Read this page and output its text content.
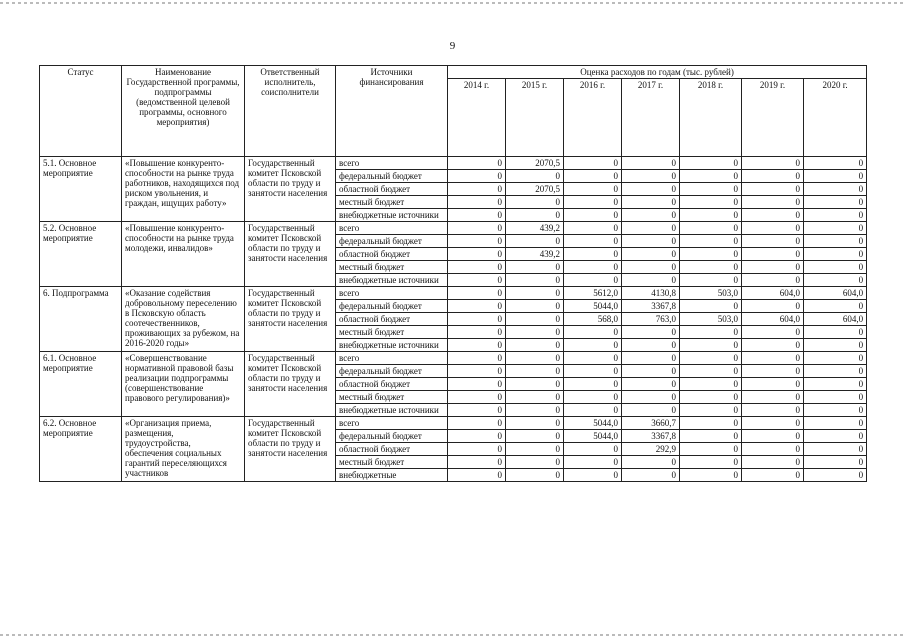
9
Статус	Наименование Государственной программы, подпрограммы (ведомственной целевой программы, основного мероприятия)	Ответственный исполнитель, соисполнители	Источники финансирования	Оценка расходов по годам (тыс. рублей)						
				2014 г.	2015 г.	2016 г.	2017 г.	2018 г.	2019 г.	2020 г.
5.1. Основное мероприятие	«Повышение конкуренто-способности на рынке труда работников, находящихся под риском увольнения, и граждан, ищущих работу»	Государственный комитет Псковской области по труду и занятости населения	всего	0	2070,5	0	0	0	0	0
			федеральный бюджет	0	0	0	0	0	0	0
			областной бюджет	0	2070,5	0	0	0	0	0
			местный бюджет	0	0	0	0	0	0	0
			внебюджетные источники	0	0	0	0	0	0	0
5.2. Основное мероприятие	«Повышение конкуренто-способности на рынке труда молодежи, инвалидов»	Государственный комитет Псковской области по труду и занятости населения	всего	0	439,2	0	0	0	0	0
			федеральный бюджет	0	0	0	0	0	0	0
			областной бюджет	0	439,2	0	0	0	0	0
			местный бюджет	0	0	0	0	0	0	0
			внебюджетные источники	0	0	0	0	0	0	0
6. Подпрограмма	«Оказание содействия добровольному переселению в Псковскую область соотечественников, проживающих за рубежом, на 2016-2020 годы»	Государственный комитет Псковской области по труду и занятости населения	всего	0	0	5612,0	4130,8	503,0	604,0	604,0
			федеральный бюджет	0	0	5044,0	3367,8	0	0	0
			областной бюджет	0	0	568,0	763,0	503,0	604,0	604,0
			местный бюджет	0	0	0	0	0	0	0
			внебюджетные источники	0	0	0	0	0	0	0
6.1. Основное мероприятие	«Совершенствование нормативной правовой базы реализации подпрограммы (совершенствование правового регулирования)»	Государственный комитет Псковской области по труду и занятости населения	всего	0	0	0	0	0	0	0
			федеральный бюджет	0	0	0	0	0	0	0
			областной бюджет	0	0	0	0	0	0	0
			местный бюджет	0	0	0	0	0	0	0
			внебюджетные источники	0	0	0	0	0	0	0
6.2. Основное мероприятие	«Организация приема, размещения, трудоустройства, обеспечения социальных гарантий переселяющихся участников	Государственный комитет Псковской области по труду и занятости населения	всего	0	0	5044,0	3660,7	0	0	0
			федеральный бюджет	0	0	5044,0	3367,8	0	0	0
			областной бюджет	0	0	0	292,9	0	0	0
			местный бюджет	0	0	0	0	0	0	0
			внебюджетные	0	0	0	0	0	0	0
